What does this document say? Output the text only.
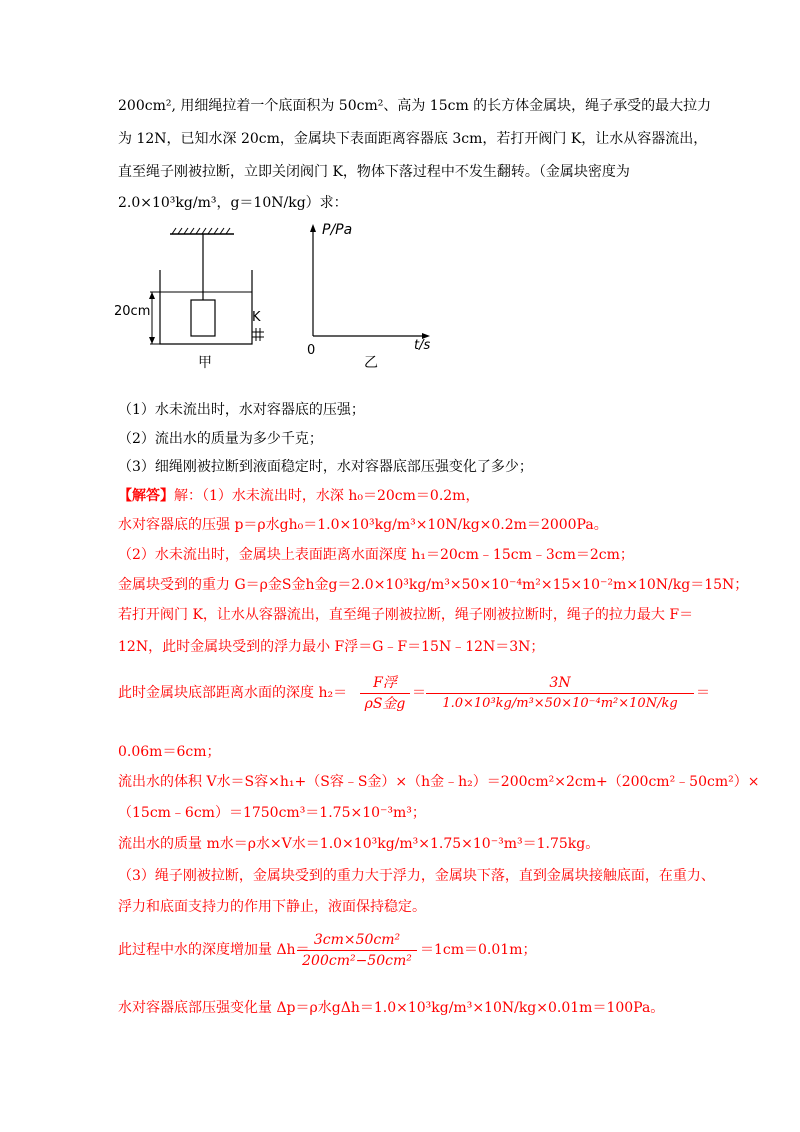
200cm², 用细绳拉着一个底面积为 50cm²、高为 15cm 的长方体金属块，绳子承受的最大拉力
为 12N，已知水深 20cm，金属块下表面距离容器底 3cm，若打开阀门 K，让水从容器流出，
直至绳子刚被拉断，立即关闭阀门 K，物体下落过程中不发生翻转。（金属块密度为
2.0×10³kg/m³，g＝10N/kg）求：
20cm	K
甲
P/Pa
t/s
0
乙
（1）水未流出时，水对容器底的压强；
（2）流出水的质量为多少千克；
（3）细绳刚被拉断到液面稳定时，水对容器底部压强变化了多少；
【解答】解：（1）水未流出时，水深 h₀＝20cm＝0.2m，
水对容器底的压强 p＝ρ水gh₀＝1.0×10³kg/m³×10N/kg×0.2m＝2000Pa。
（2）水未流出时，金属块上表面距离水面深度 h₁＝20cm﹣15cm﹣3cm＝2cm；
金属块受到的重力 G＝ρ金S金h金g＝2.0×10³kg/m³×50×10⁻⁴m²×15×10⁻²m×10N/kg＝15N；
若打开阀门 K，让水从容器流出，直至绳子刚被拉断，绳子刚被拉断时，绳子的拉力最大 F＝
12N，此时金属块受到的浮力最小 F浮＝G﹣F＝15N﹣12N＝3N；
此时金属块底部距离水面的深度 h₂＝
F浮
ρS金g
＝
3N
1.0×10³kg/m³×50×10⁻⁴m²×10N/kg
＝
0.06m＝6cm；
流出水的体积 V水＝S容×h₁+（S容﹣S金）×（h金﹣h₂）＝200cm²×2cm+（200cm²﹣50cm²）×
（15cm﹣6cm）＝1750cm³＝1.75×10⁻³m³；
流出水的质量 m水＝ρ水×V水＝1.0×10³kg/m³×1.75×10⁻³m³＝1.75kg。
（3）绳子刚被拉断，金属块受到的重力大于浮力，金属块下落，直到金属块接触底面，在重力、
浮力和底面支持力的作用下静止，液面保持稳定。
此过程中水的深度增加量 Δh＝
3cm×50cm²
200cm²−50cm²
＝1cm＝0.01m；
水对容器底部压强变化量 Δp＝ρ水gΔh＝1.0×10³kg/m³×10N/kg×0.01m＝100Pa。
